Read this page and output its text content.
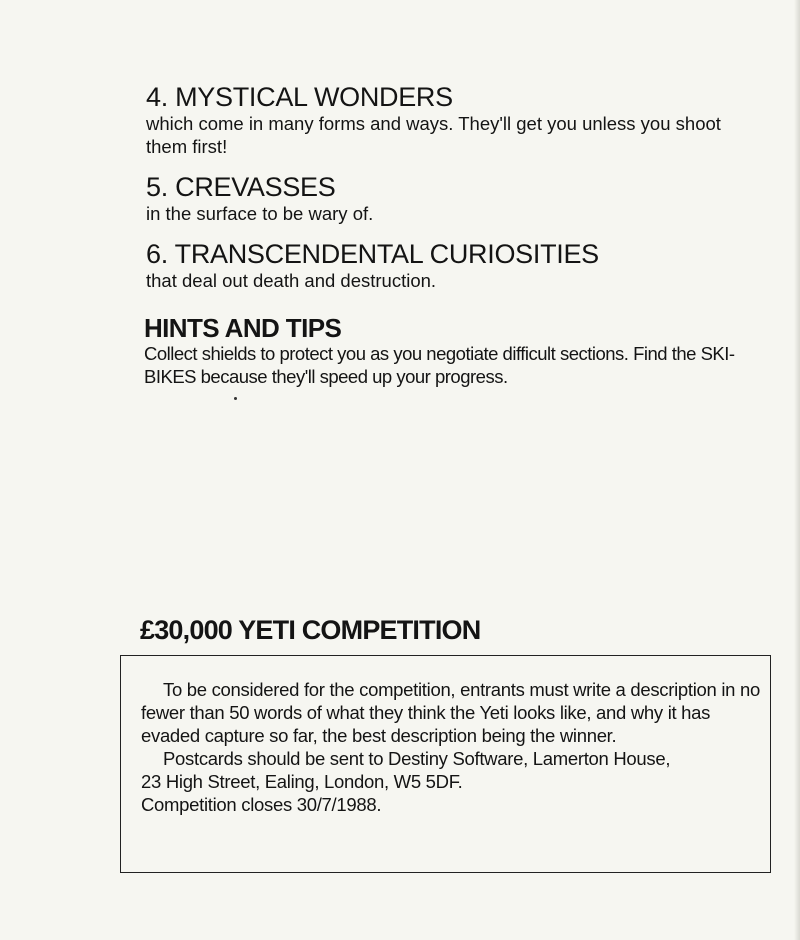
4. MYSTICAL WONDERS
which come in many forms and ways. They'll get you unless you shoot them first!
5. CREVASSES
in the surface to be wary of.
6. TRANSCENDENTAL CURIOSITIES
that deal out death and destruction.
HINTS AND TIPS
Collect shields to protect you as you negotiate difficult sections. Find the SKI-BIKES because they'll speed up your progress.
£30,000 YETI COMPETITION

To be considered for the competition, entrants must write a description in no fewer than 50 words of what they think the Yeti looks like, and why it has evaded capture so far, the best description being the winner.

Postcards should be sent to Destiny Software, Lamerton House,

23 High Street, Ealing, London, W5 5DF.

Competition closes 30/7/1988.
